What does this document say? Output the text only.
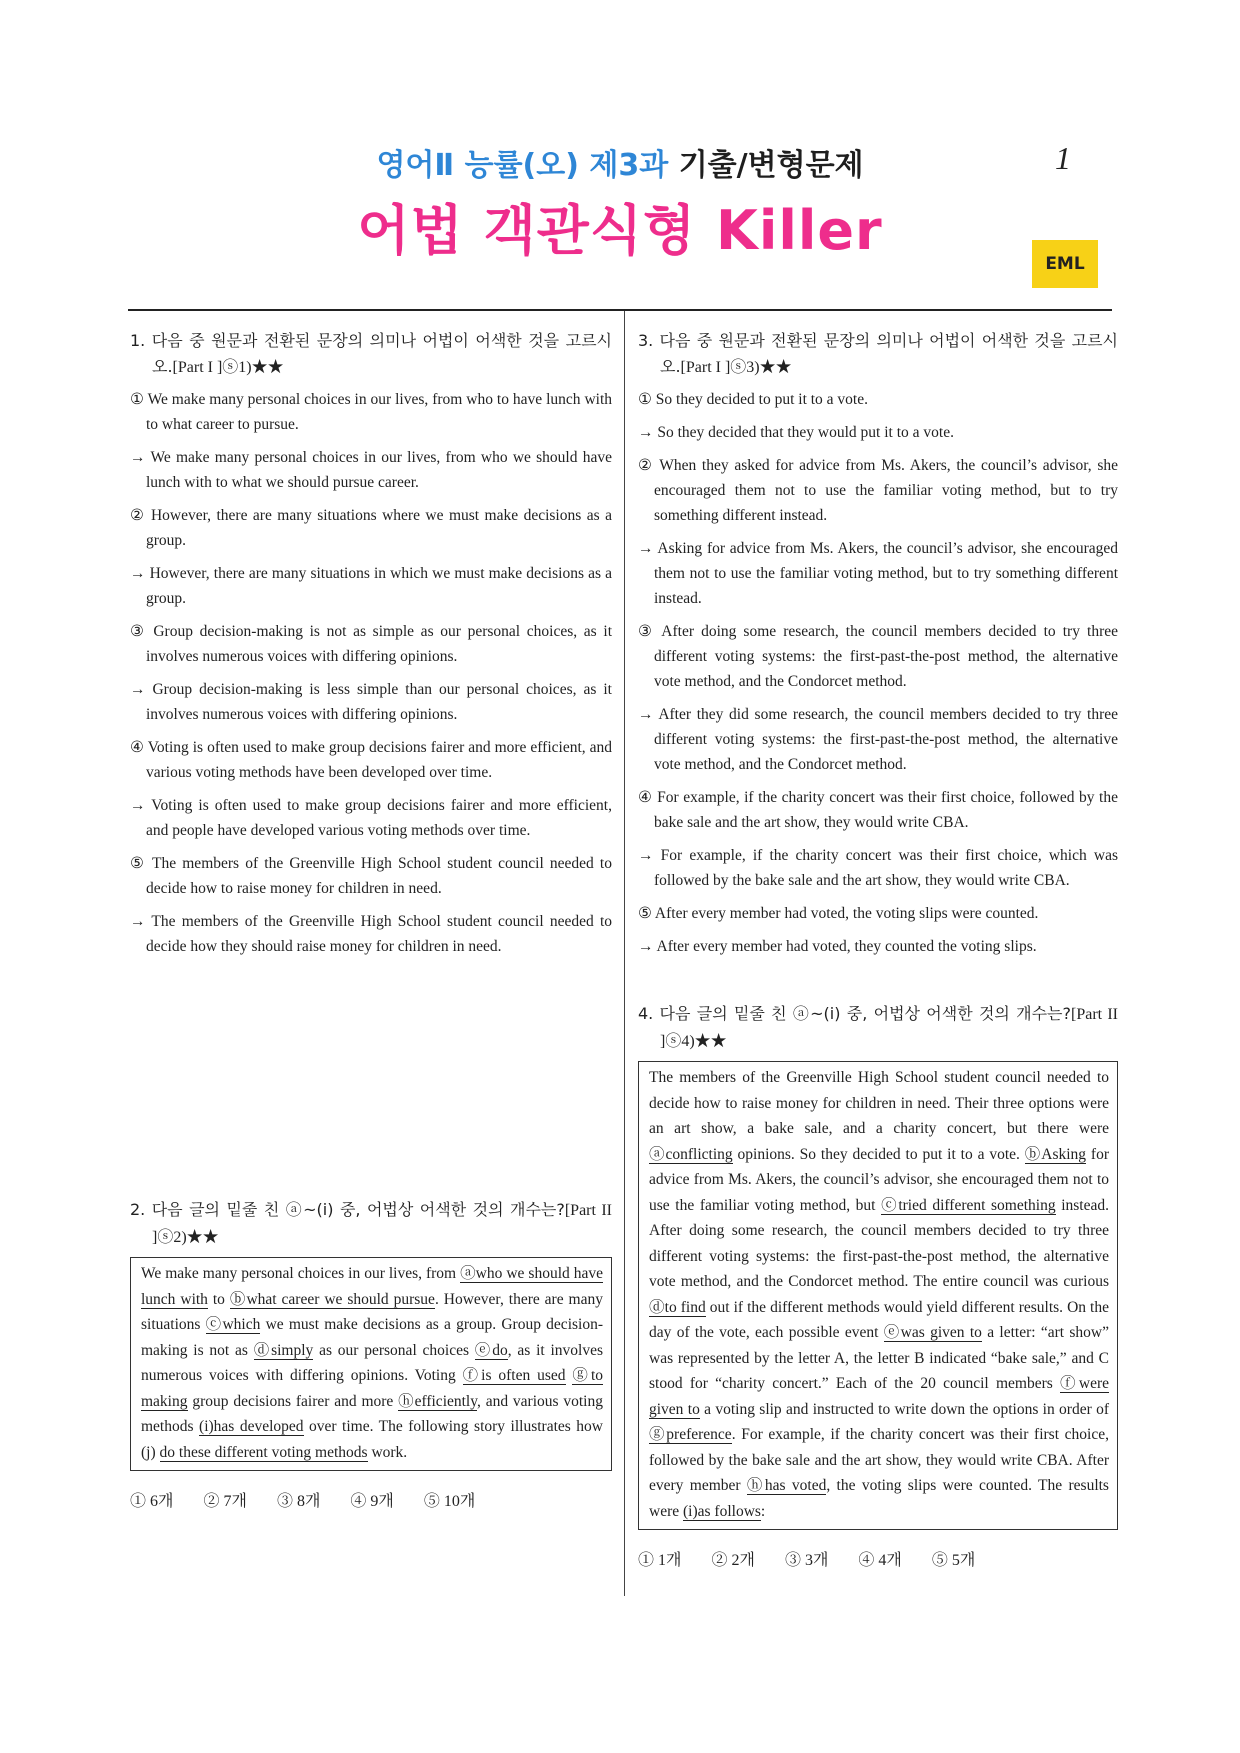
영어Ⅱ 능률(오) 제3과 기출/변형문제	1
어법 객관식형 Killer
EML
1. 다음 중 원문과 전환된 문장의 의미나 어법이 어색한 것을 고르시오.[Part I ]ⓢ1)★★
① We make many personal choices in our lives, from who to have lunch with to what career to pursue.
→ We make many personal choices in our lives, from who we should have lunch with to what we should pursue career.
② However, there are many situations where we must make decisions as a group.
→ However, there are many situations in which we must make decisions as a group.
③ Group decision-making is not as simple as our personal choices, as it involves numerous voices with differing opinions.
→ Group decision-making is less simple than our personal choices, as it involves numerous voices with differing opinions.
④ Voting is often used to make group decisions fairer and more efficient, and various voting methods have been developed over time.
→ Voting is often used to make group decisions fairer and more efficient, and people have developed various voting methods over time.
⑤ The members of the Greenville High School student council needed to decide how to raise money for children in need.
→ The members of the Greenville High School student council needed to decide how they should raise money for children in need.
2. 다음 글의 밑줄 친 ⓐ~(i) 중, 어법상 어색한 것의 개수는?[Part II ]ⓢ2)★★
We make many personal choices in our lives, from ⓐwho we should have lunch with to ⓑwhat career we should pursue. However, there are many situations ⓒwhich we must make decisions as a group. Group decision-making is not as ⓓsimply as our personal choices ⓔdo, as it involves numerous voices with differing opinions. Voting ⓕis often used ⓖto making group decisions fairer and more ⓗefficiently, and various voting methods (i)has developed over time. The following story illustrates how (j) do these different voting methods work.
① 6개 ② 7개 ③ 8개 ④ 9개 ⑤ 10개
3. 다음 중 원문과 전환된 문장의 의미나 어법이 어색한 것을 고르시오.[Part I ]ⓢ3)★★
① So they decided to put it to a vote.
→ So they decided that they would put it to a vote.
② When they asked for advice from Ms. Akers, the council’s advisor, she encouraged them not to use the familiar voting method, but to try something different instead.
→ Asking for advice from Ms. Akers, the council’s advisor, she encouraged them not to use the familiar voting method, but to try something different instead.
③ After doing some research, the council members decided to try three different voting systems: the first-past-the-post method, the alternative vote method, and the Condorcet method.
→ After they did some research, the council members decided to try three different voting systems: the first-past-the-post method, the alternative vote method, and the Condorcet method.
④ For example, if the charity concert was their first choice, followed by the bake sale and the art show, they would write CBA.
→ For example, if the charity concert was their first choice, which was followed by the bake sale and the art show, they would write CBA.
⑤ After every member had voted, the voting slips were counted.
→ After every member had voted, they counted the voting slips.
4. 다음 글의 밑줄 친 ⓐ~(i) 중, 어법상 어색한 것의 개수는?[Part II ]ⓢ4)★★
The members of the Greenville High School student council needed to decide how to raise money for children in need. Their three options were an art show, a bake sale, and a charity concert, but there were ⓐconflicting opinions. So they decided to put it to a vote. ⓑAsking for advice from Ms. Akers, the council’s advisor, she encouraged them not to use the familiar voting method, but ⓒtried different something instead. After doing some research, the council members decided to try three different voting systems: the first-past-the-post method, the alternative vote method, and the Condorcet method. The entire council was curious ⓓto find out if the different methods would yield different results. On the day of the vote, each possible event ⓔwas given to a letter: “art show” was represented by the letter A, the letter B indicated “bake sale,” and C stood for “charity concert.” Each of the 20 council members ⓕwere given to a voting slip and instructed to write down the options in order of ⓖpreference. For example, if the charity concert was their first choice, followed by the bake sale and the art show, they would write CBA. After every member ⓗhas voted, the voting slips were counted. The results were (i)as follows:
① 1개 ② 2개 ③ 3개 ④ 4개 ⑤ 5개
